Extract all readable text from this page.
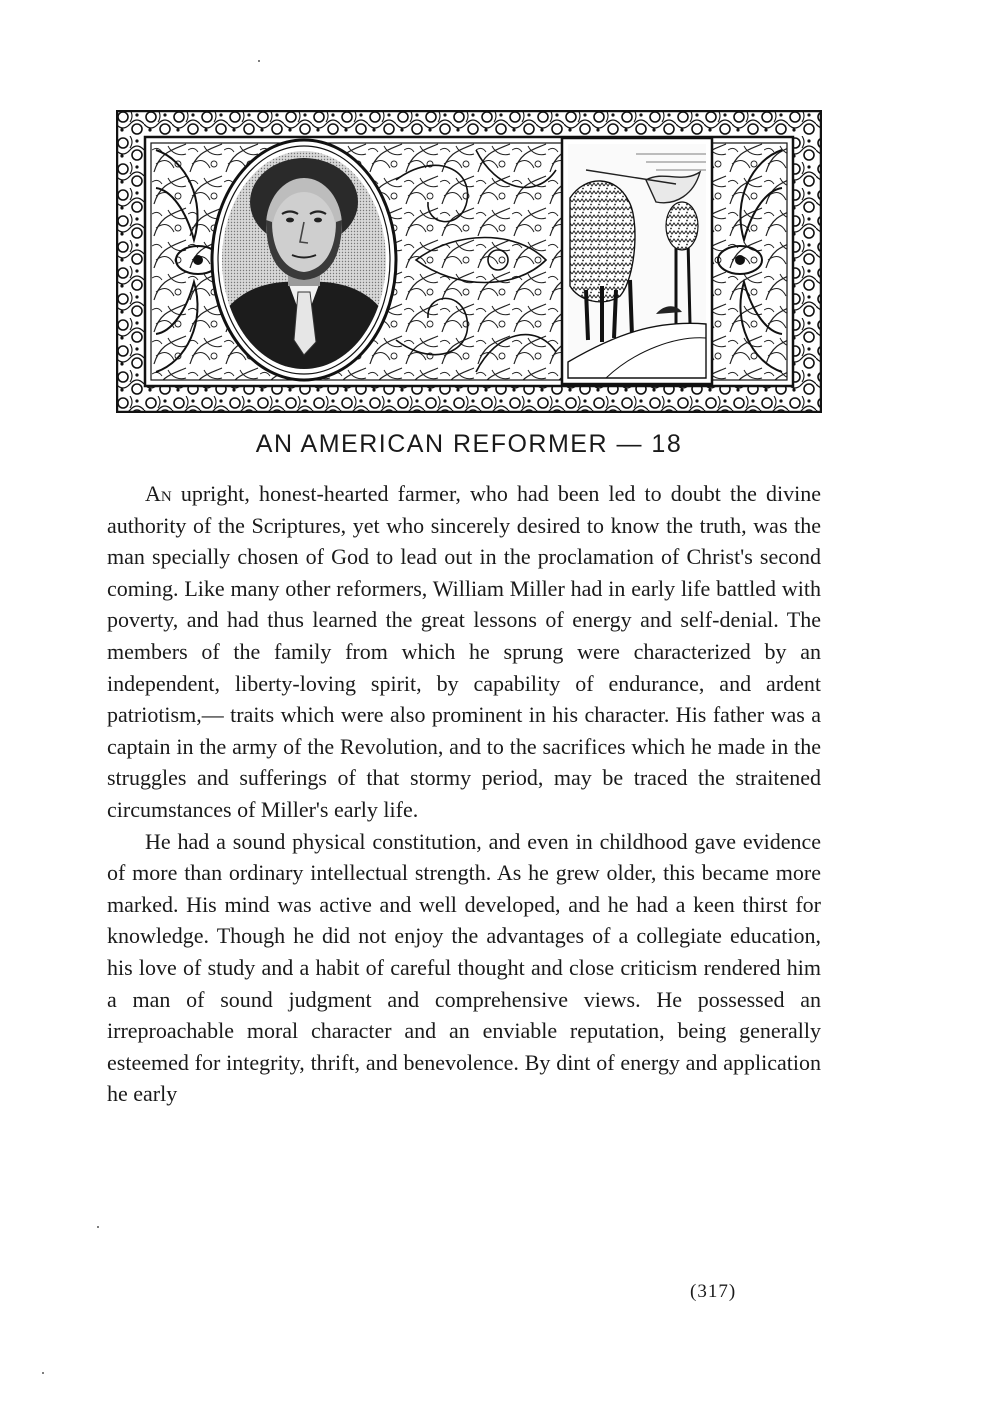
AN AMERICAN REFORMER — 18

An upright, honest-hearted farmer, who had been led to doubt the divine authority of the Scriptures, yet who sincerely desired to know the truth, was the man specially chosen of God to lead out in the proclamation of Christ's second coming. Like many other reformers, William Miller had in early life battled with poverty, and had thus learned the great lessons of energy and self-denial. The members of the family from which he sprung were characterized by an independent, liberty-loving spirit, by capability of endurance, and ardent patriotism,— traits which were also prominent in his character. His father was a captain in the army of the Revolution, and to the sacrifices which he made in the struggles and sufferings of that stormy period, may be traced the straitened circumstances of Miller's early life.

He had a sound physical constitution, and even in childhood gave evidence of more than ordinary intellectual strength. As he grew older, this became more marked. His mind was active and well developed, and he had a keen thirst for knowledge. Though he did not enjoy the advantages of a collegiate education, his love of study and a habit of careful thought and close criticism rendered him a man of sound judgment and comprehensive views. He possessed an irreproachable moral character and an enviable reputation, being generally esteemed for integrity, thrift, and benevolence. By dint of energy and application he early

(317)
